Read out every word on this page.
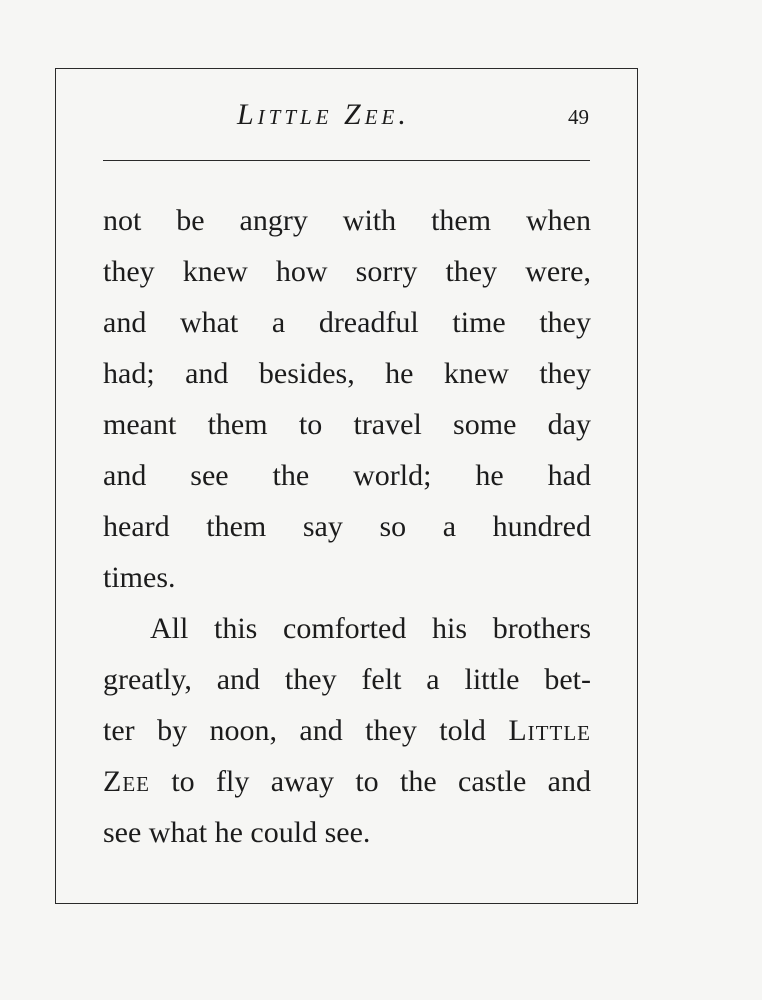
Little Zee.	49
not be angry with them when
they knew how sorry they were,
and what a dreadful time they
had; and besides, he knew they
meant them to travel some day
and see the world; he had
heard them say so a hundred
times.
All this comforted his brothers
greatly, and they felt a little bet-
ter by noon, and they told Little
Zee to fly away to the castle and
see what he could see.
